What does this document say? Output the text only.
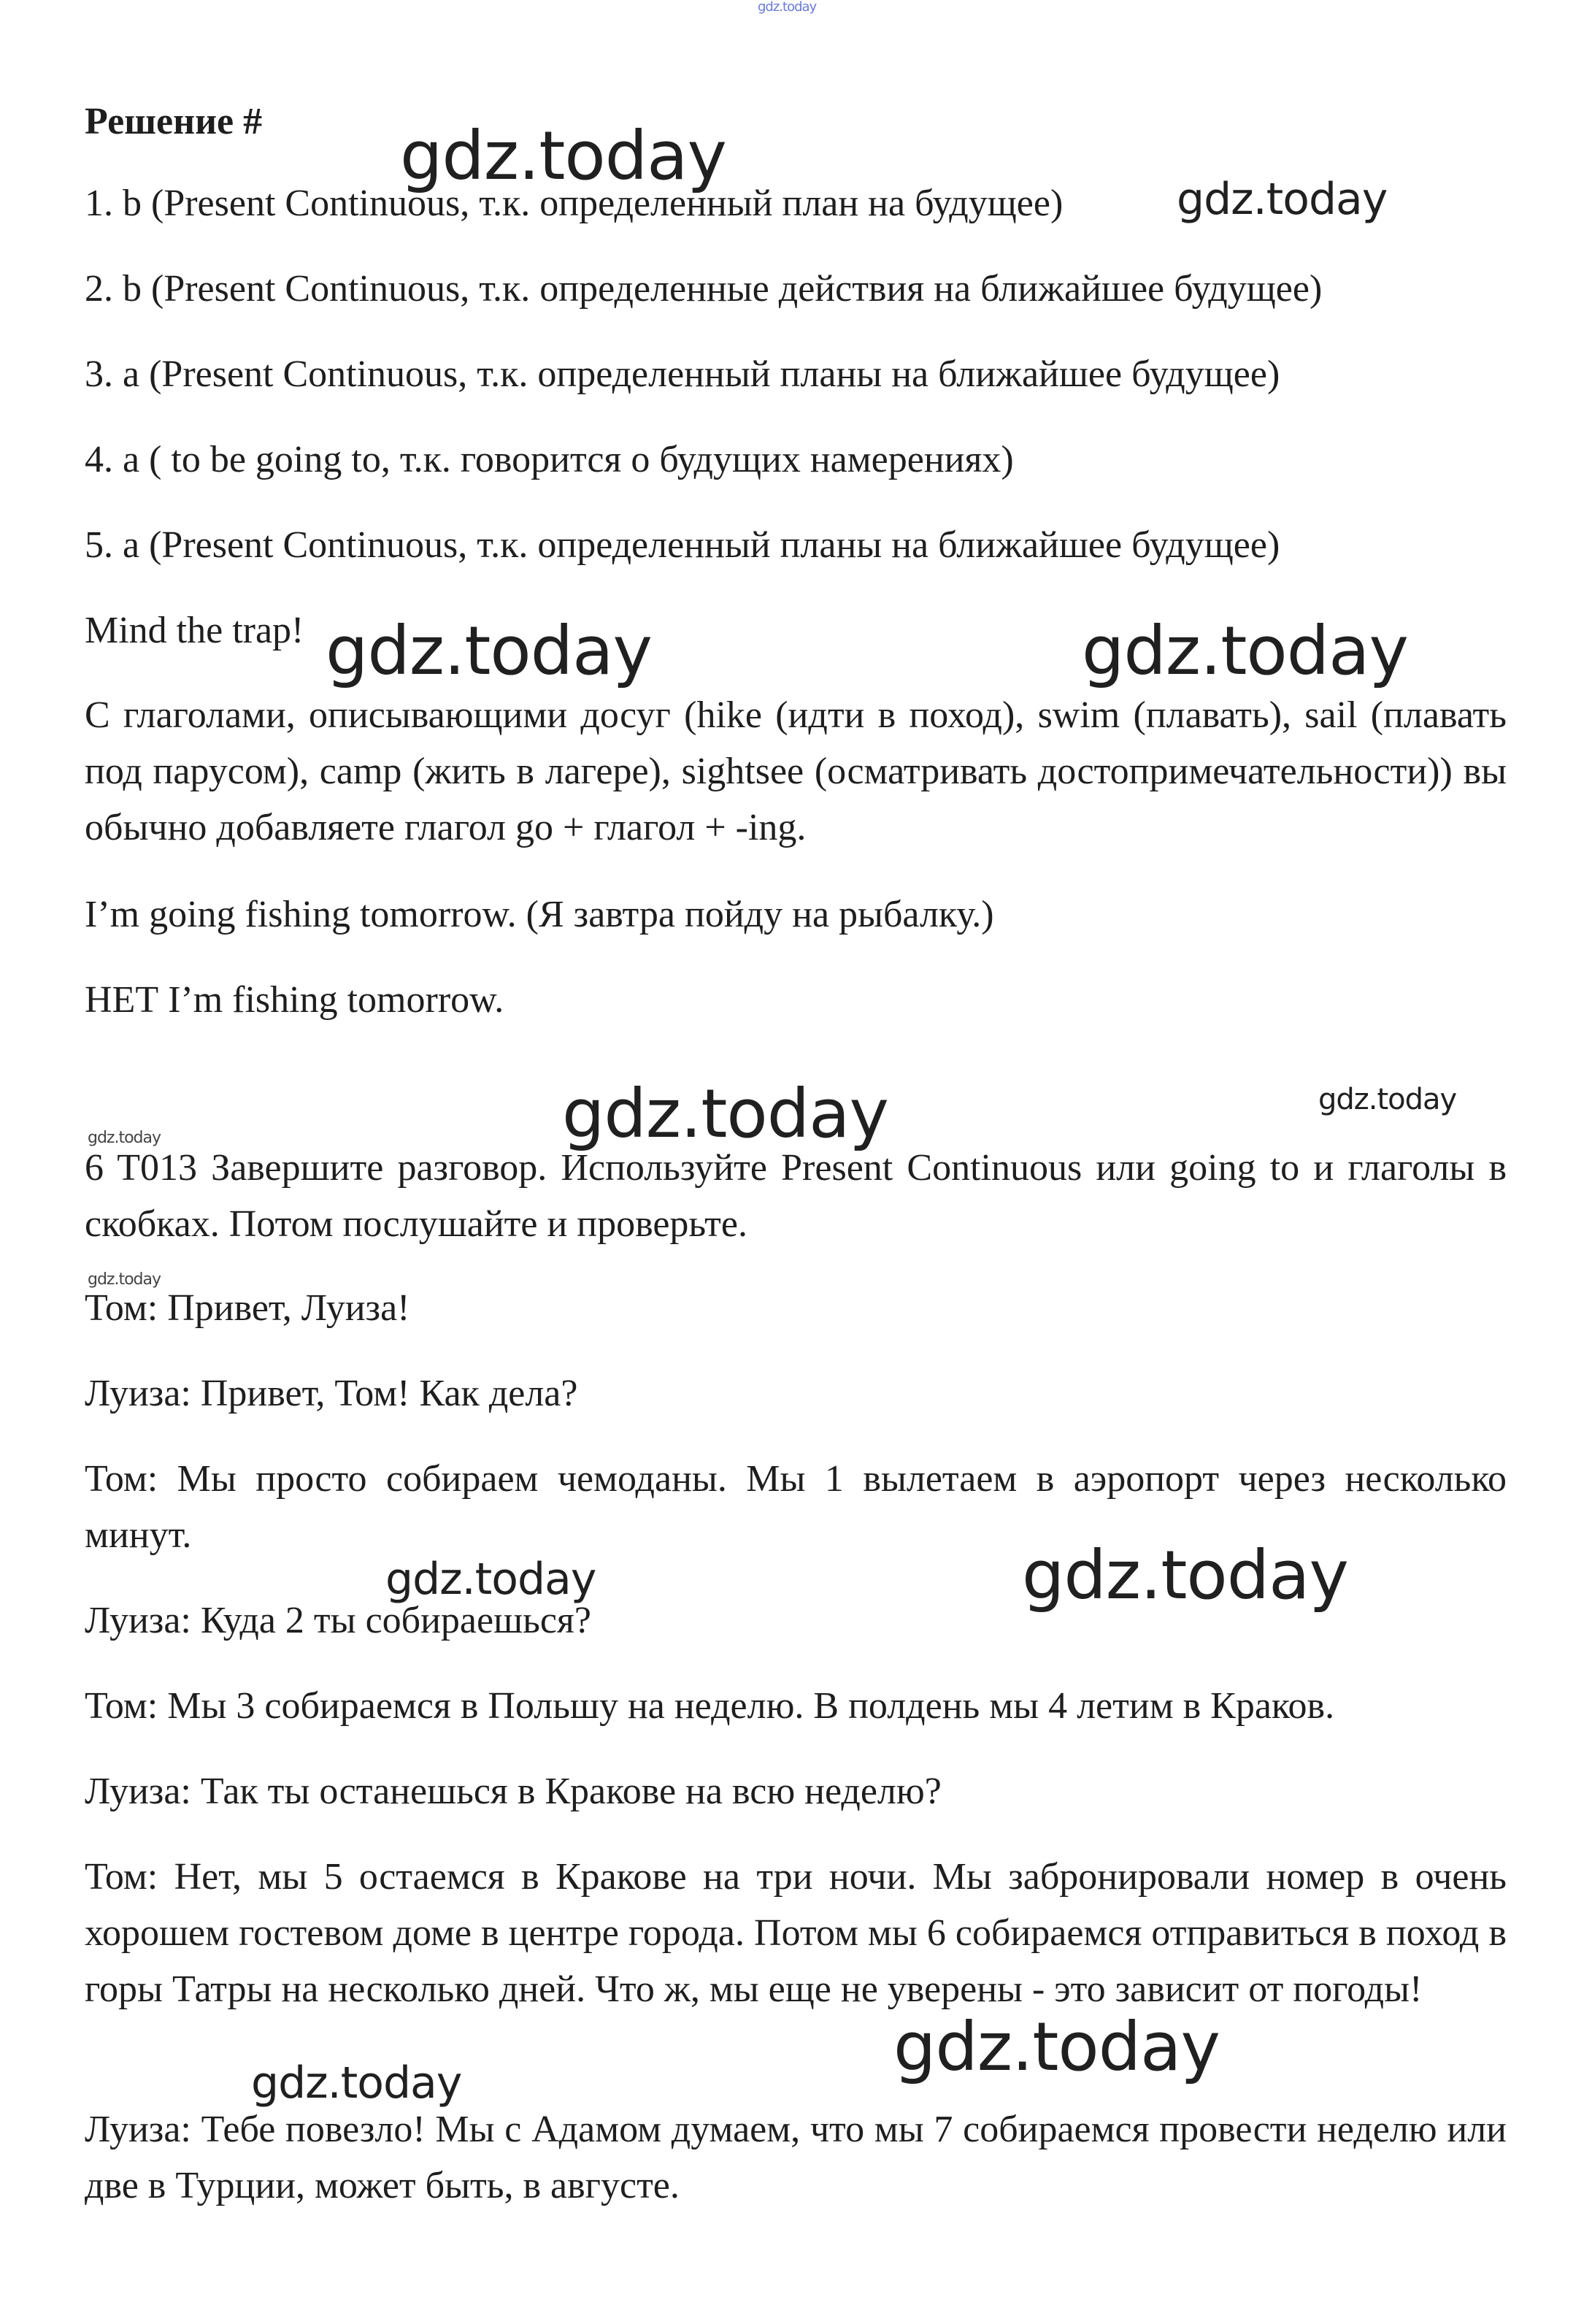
gdz.today
Решение #
1. b (Present Continuous, т.к. определенный план на будущее)
2. b (Present Continuous, т.к. определенные действия на ближайшее будущее)
3. a (Present Continuous, т.к. определенный планы на ближайшее будущее)
4. a ( to be going to, т.к. говорится о будущих намерениях)
5. a (Present Continuous, т.к. определенный планы на ближайшее будущее)
Mind the trap!
С глаголами, описывающими досуг (hike (идти в поход), swim (плавать), sail (плавать под парусом), camp (жить в лагере), sightsee (осматривать достопримечательности)) вы обычно добавляете глагол go + глагол + -ing.
I’m going fishing tomorrow. (Я завтра пойду на рыбалку.)
НЕТ I’m fishing tomorrow.
6 T013 Завершите разговор. Используйте Present Continuous или going to и глаголы в скобках. Потом послушайте и проверьте.
Том: Привет, Луиза!
Луиза: Привет, Том! Как дела?
Том: Мы просто собираем чемоданы. Мы 1 вылетаем в аэропорт через несколько минут.
Луиза: Куда 2 ты собираешься?
Том: Мы 3 собираемся в Польшу на неделю. В полдень мы 4 летим в Краков.
Луиза: Так ты останешься в Кракове на всю неделю?
Том: Нет, мы 5 остаемся в Кракове на три ночи. Мы забронировали номер в очень хорошем гостевом доме в центре города. Потом мы 6 собираемся отправиться в поход в горы Татры на несколько дней. Что ж, мы еще не уверены - это зависит от погоды!
Луиза: Тебе повезло! Мы с Адамом думаем, что мы 7 собираемся провести неделю или две в Турции, может быть, в августе.
gdz.today
gdz.today
gdz.today	gdz.today
gdz.today	gdz.today
gdz.today
gdz.today
gdz.today	gdz.today
gdz.today
gdz.today
